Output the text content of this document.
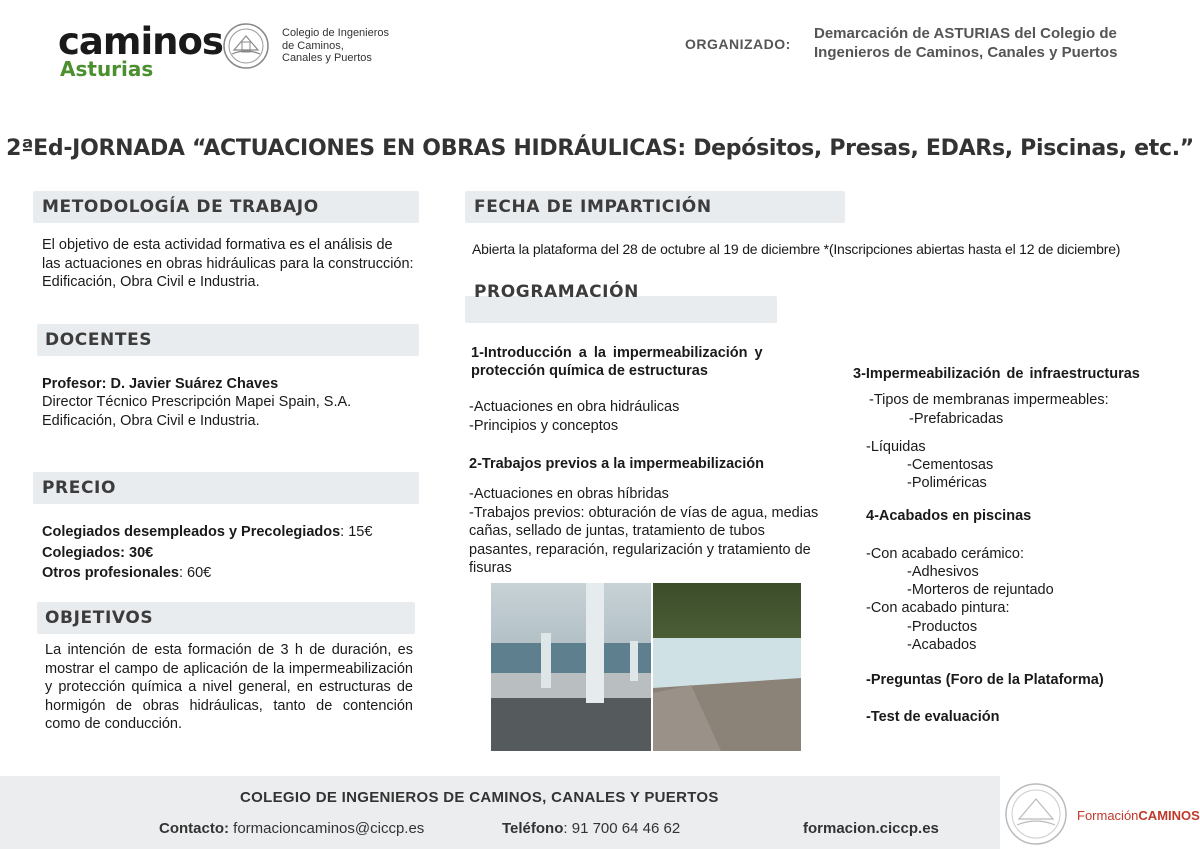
caminos
Asturias
Colegio de Ingenieros
de Caminos,
Canales y Puertos
ORGANIZADO:
Demarcación de ASTURIAS del Colegio de
Ingenieros de Caminos, Canales y Puertos
2ªEd-JORNADA “ACTUACIONES EN OBRAS HIDRÁULICAS: Depósitos, Presas, EDARs, Piscinas, etc.”
METODOLOGÍA DE TRABAJO
El objetivo de esta actividad formativa es el análisis de las actuaciones en obras hidráulicas para la construcción: Edificación, Obra Civil e Industria.
DOCENTES
Profesor: D. Javier Suárez Chaves
Director Técnico Prescripción Mapei Spain, S.A. Edificación, Obra Civil e Industria.
PRECIO
Colegiados desempleados y Precolegiados: 15€
Colegiados: 30€
Otros profesionales: 60€
OBJETIVOS
La intención de esta formación de 3 h de duración, es mostrar el campo de aplicación de la impermeabilización y protección química a nivel general, en estructuras de hormigón de obras hidráulicas, tanto de contención como de conducción.
FECHA DE IMPARTICIÓN
Abierta la plataforma del 28 de octubre al 19 de diciembre *(Inscripciones abiertas hasta el 12 de diciembre)
PROGRAMACIÓN
1-Introducción a la impermeabilización y
protección química de estructuras
-Actuaciones en obra hidráulicas
-Principios y conceptos
2-Trabajos previos a la impermeabilización
-Actuaciones en obras híbridas
-Trabajos previos: obturación de vías de agua, medias cañas, sellado de juntas, tratamiento de tubos pasantes, reparación, regularización y tratamiento de fisuras
3-Impermeabilización de infraestructuras
-Tipos de membranas impermeables:
-Prefabricadas
-Líquidas
-Cementosas
-Poliméricas
4-Acabados en piscinas
-Con acabado cerámico:
-Adhesivos
-Morteros de rejuntado
-Con acabado pintura:
-Productos
-Acabados
-Preguntas (Foro de la Plataforma)
-Test de evaluación
COLEGIO DE INGENIEROS DE CAMINOS, CANALES Y PUERTOS
Contacto: formacioncaminos@ciccp.es	Teléfono: 91 700 64 46 62	formacion.ciccp.es
FormaciónCAMINOS
